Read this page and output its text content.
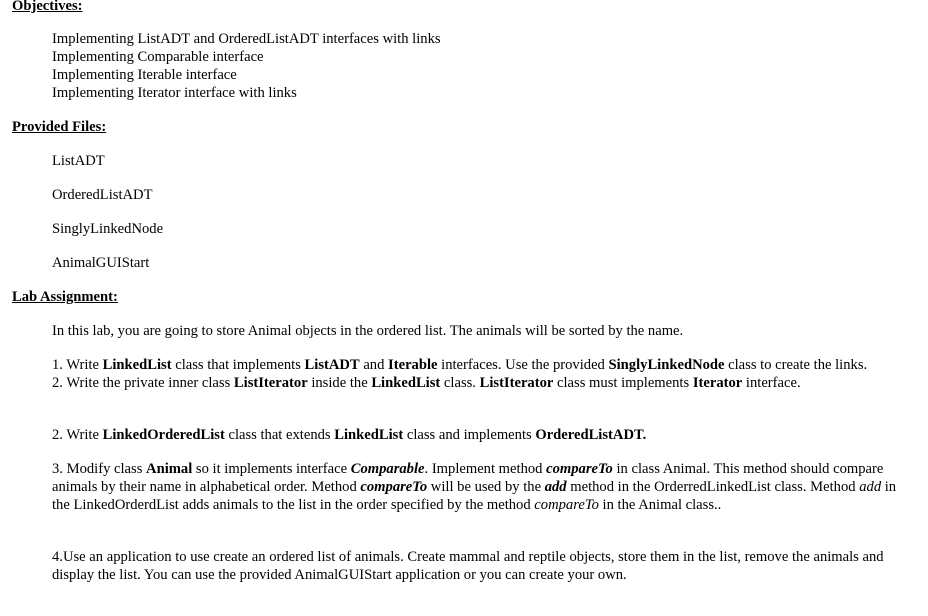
Objectives:
Implementing ListADT and OrderedListADT interfaces with links
Implementing Comparable interface
Implementing Iterable interface
Implementing Iterator interface with links
Provided Files:
ListADT
OrderedListADT
SinglyLinkedNode
AnimalGUIStart
Lab Assignment:
In this lab, you are going to store Animal objects in the ordered list. The animals will be sorted by the name.
1. Write LinkedList class that implements ListADT and Iterable interfaces. Use the provided SinglyLinkedNode class to create the links.
2. Write the private inner class ListIterator inside the LinkedList class. ListIterator class must implements Iterator interface.
2. Write LinkedOrderedList class that extends LinkedList class and implements OrderedListADT.
3. Modify class Animal so it implements interface Comparable. Implement method compareTo in class Animal. This method should compare animals by their name in alphabetical order. Method compareTo will be used by the add method in the OrderredLinkedList class. Method add in the LinkedOrderdList adds animals to the list in the order specified by the method compareTo in the Animal class..
4.Use an application to use create an ordered list of animals. Create mammal and reptile objects, store them in the list, remove the animals and display the list. You can use the provided AnimalGUIStart application or you can create your own.
